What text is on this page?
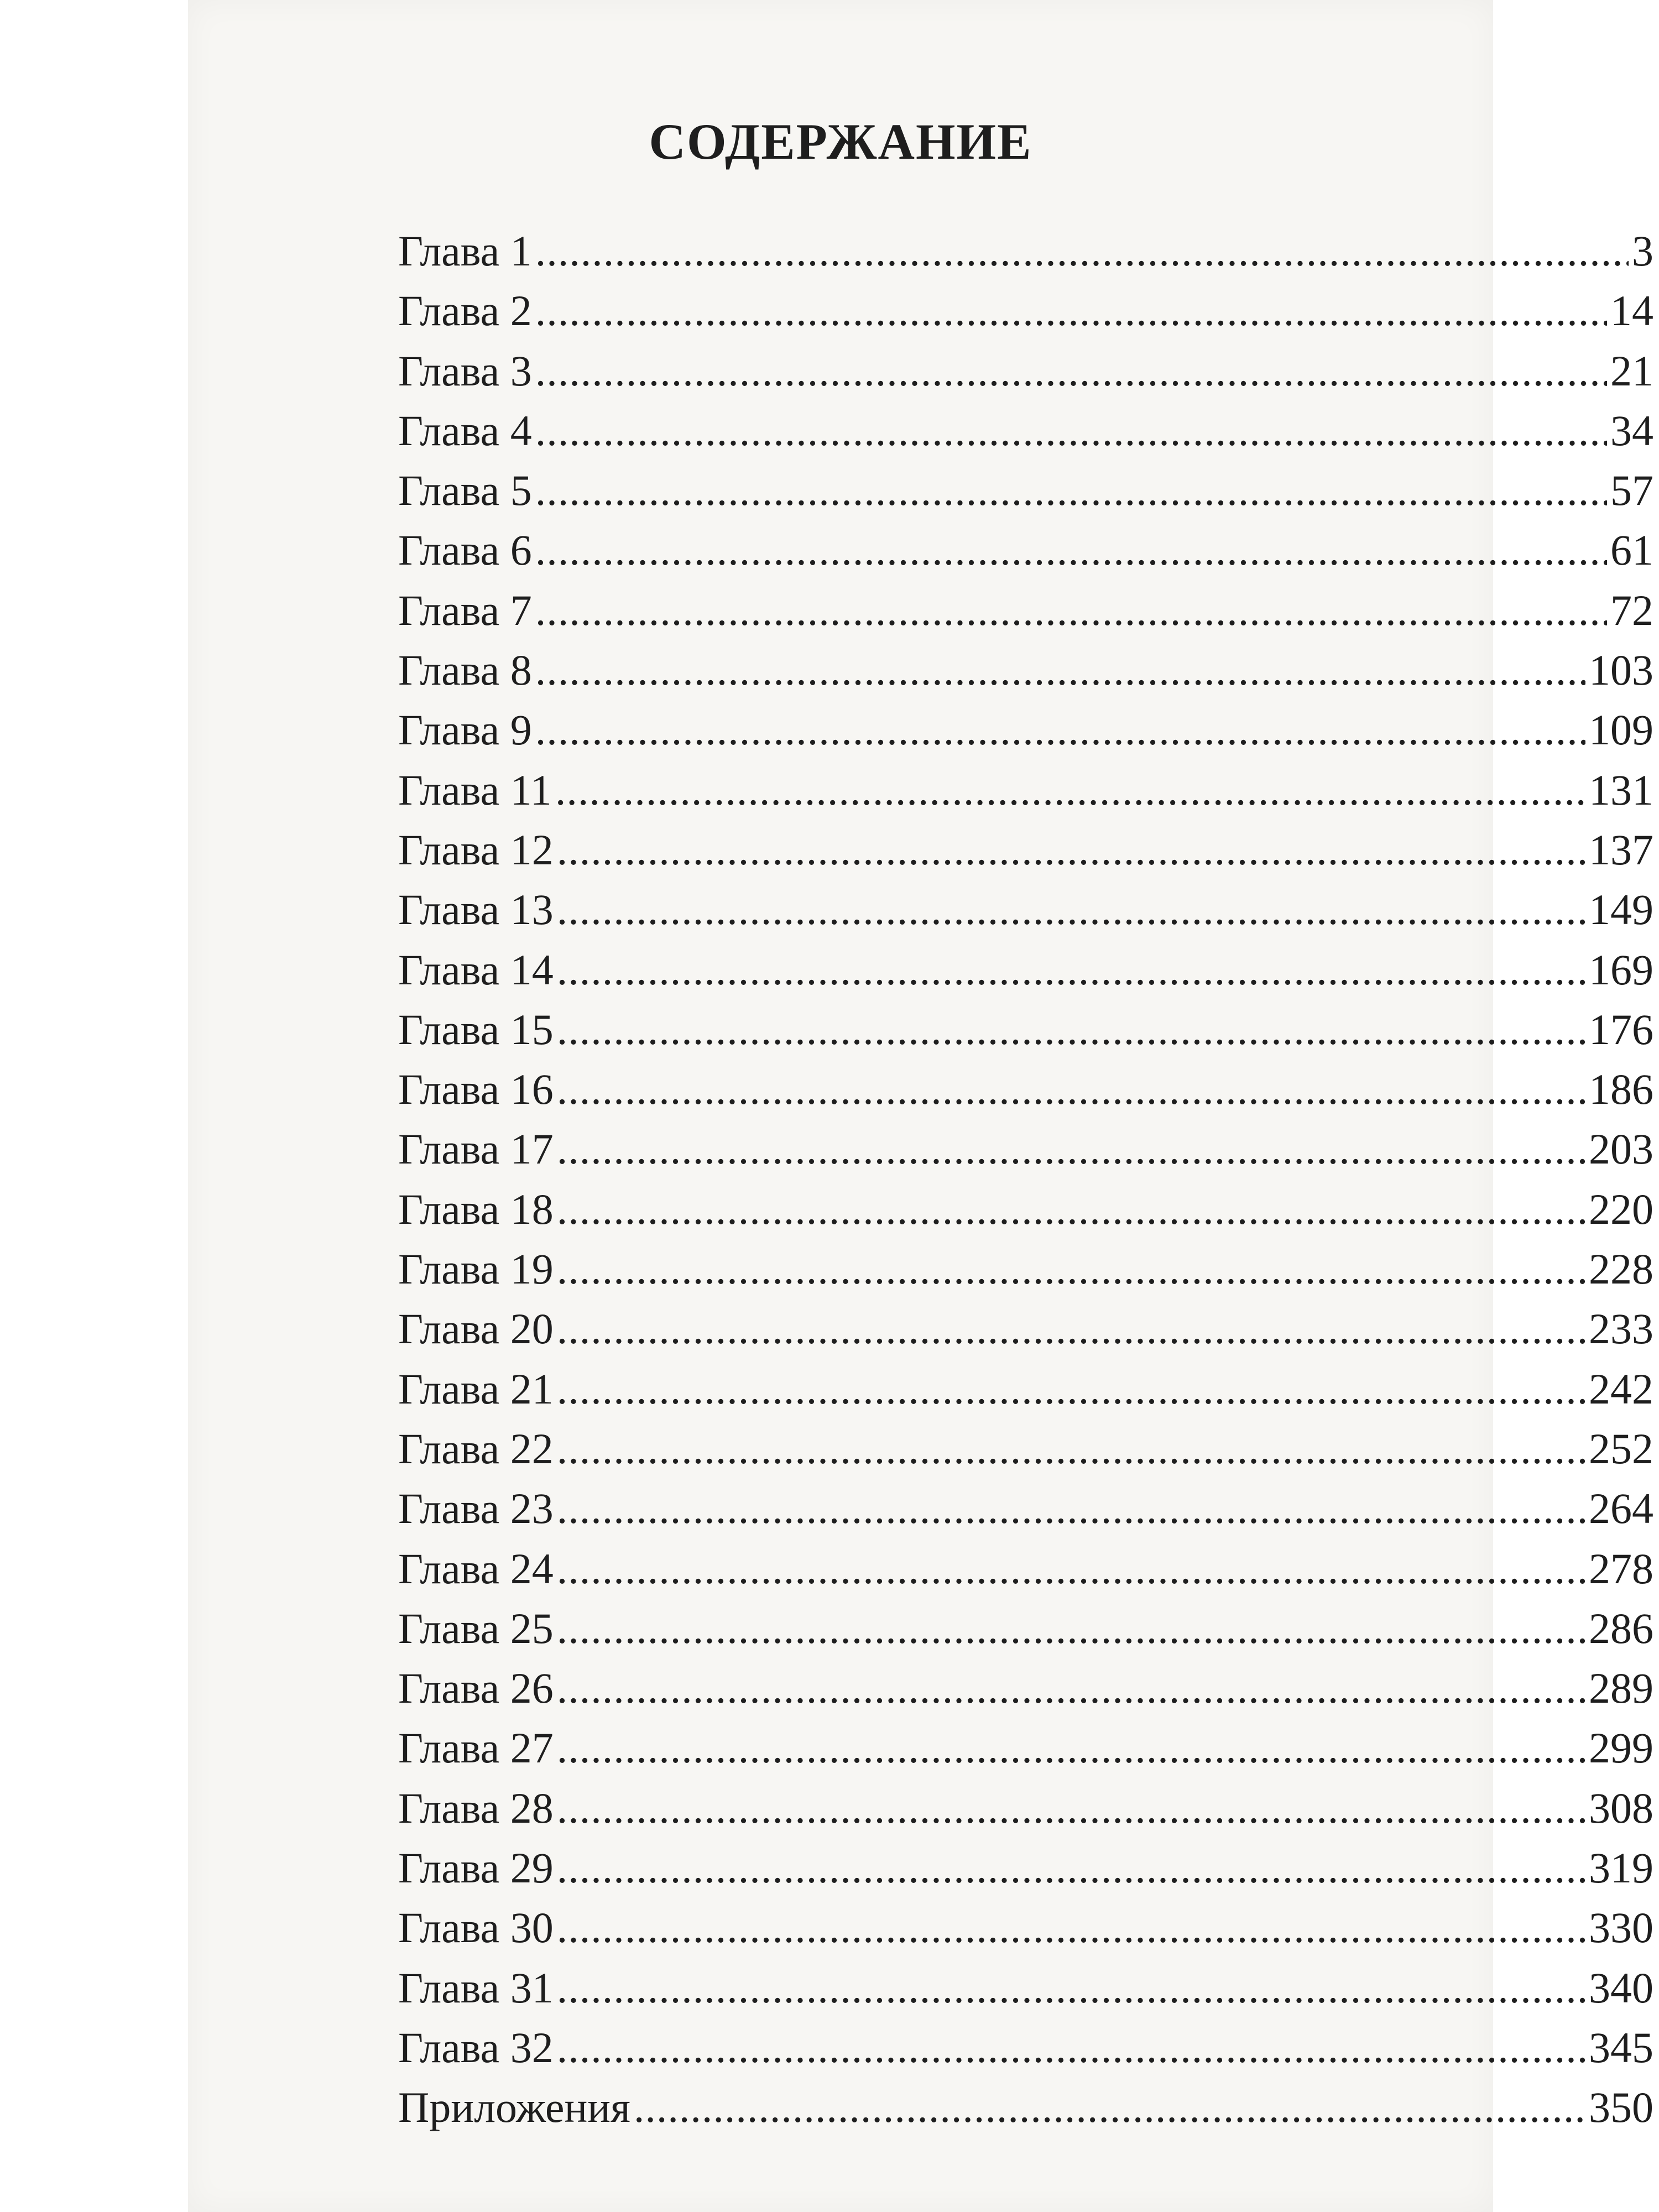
СОДЕРЖАНИЕ
Глава 1 .....	3
Глава 2 .....	14
Глава 3 .....	21
Глава 4 .....	34
Глава 5 .....	57
Глава 6 .....	61
Глава 7 .....	72
Глава 8 .....	103
Глава 9 .....	109
Глава 11 .....	131
Глава 12 .....	137
Глава 13 .....	149
Глава 14 .....	169
Глава 15 .....	176
Глава 16 .....	186
Глава 17 .....	203
Глава 18 .....	220
Глава 19 .....	228
Глава 20 .....	233
Глава 21 .....	242
Глава 22 .....	252
Глава 23 .....	264
Глава 24 .....	278
Глава 25 .....	286
Глава 26 .....	289
Глава 27 .....	299
Глава 28 .....	308
Глава 29 .....	319
Глава 30 .....	330
Глава 31 .....	340
Глава 32 .....	345
Приложения .....	350
